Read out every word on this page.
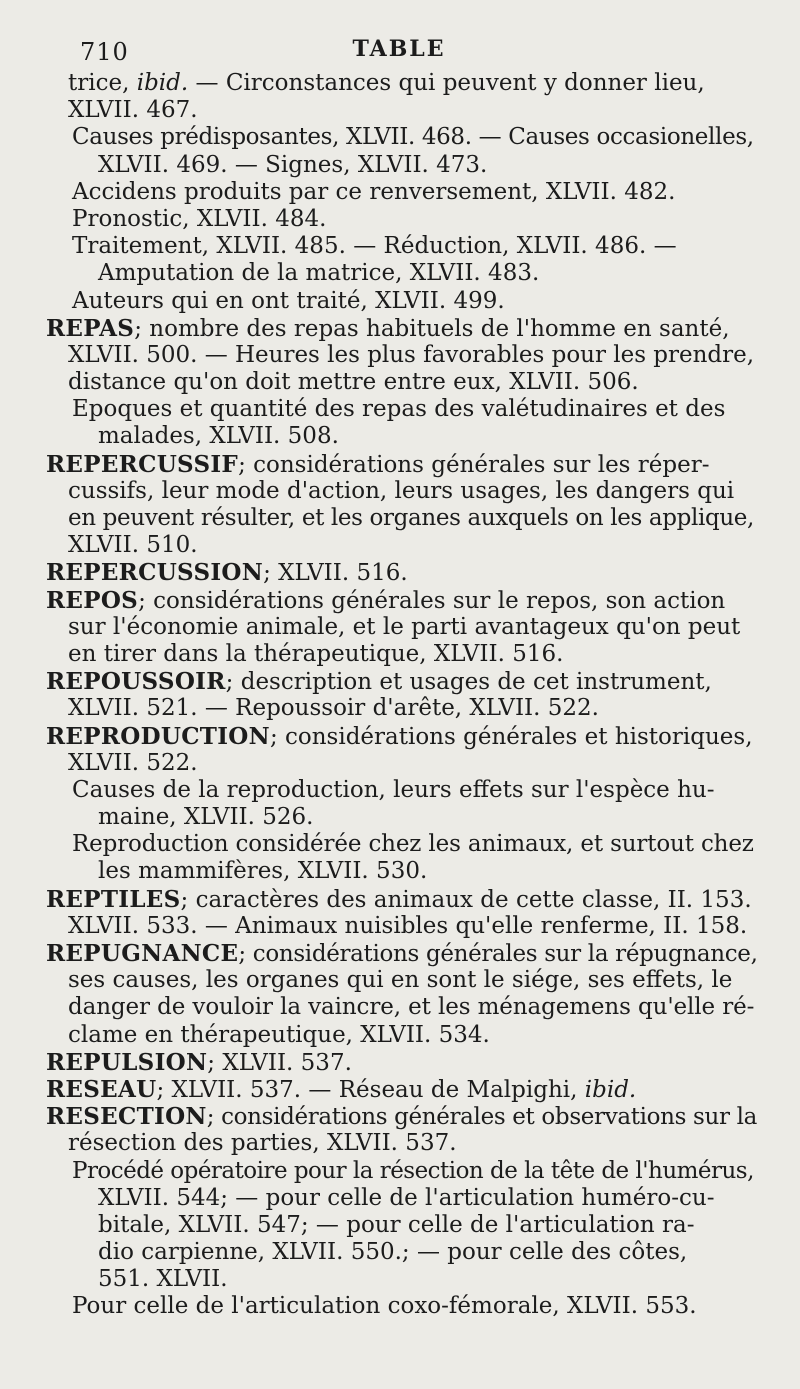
710	TABLE
trice, ibid. — Circonstances qui peuvent y donner lieu,
XLVII. 467.
Causes prédisposantes, XLVII. 468. — Causes occasionelles,
XLVII. 469. — Signes, XLVII. 473.
Accidens produits par ce renversement, XLVII. 482.
Pronostic, XLVII. 484.
Traitement, XLVII. 485. — Réduction, XLVII. 486. —
Amputation de la matrice, XLVII. 483.
Auteurs qui en ont traité, XLVII. 499.
REPAS; nombre des repas habituels de l'homme en santé,
XLVII. 500. — Heures les plus favorables pour les prendre,
distance qu'on doit mettre entre eux, XLVII. 506.
Epoques et quantité des repas des valétudinaires et des
malades, XLVII. 508.
REPERCUSSIF; considérations générales sur les réper-
cussifs, leur mode d'action, leurs usages, les dangers qui
en peuvent résulter, et les organes auxquels on les applique,
XLVII. 510.
REPERCUSSION; XLVII. 516.
REPOS; considérations générales sur le repos, son action
sur l'économie animale, et le parti avantageux qu'on peut
en tirer dans la thérapeutique, XLVII. 516.
REPOUSSOIR; description et usages de cet instrument,
XLVII. 521. — Repoussoir d'arête, XLVII. 522.
REPRODUCTION; considérations générales et historiques,
XLVII. 522.
Causes de la reproduction, leurs effets sur l'espèce hu-
maine, XLVII. 526.
Reproduction considérée chez les animaux, et surtout chez
les mammifères, XLVII. 530.
REPTILES; caractères des animaux de cette classe, II. 153.
XLVII. 533. — Animaux nuisibles qu'elle renferme, II. 158.
REPUGNANCE; considérations générales sur la répugnance,
ses causes, les organes qui en sont le siége, ses effets, le
danger de vouloir la vaincre, et les ménagemens qu'elle ré-
clame en thérapeutique, XLVII. 534.
REPULSION; XLVII. 537.
RESEAU; XLVII. 537. — Réseau de Malpighi, ibid.
RESECTION; considérations générales et observations sur la
résection des parties, XLVII. 537.
Procédé opératoire pour la résection de la tête de l'humérus,
XLVII. 544; — pour celle de l'articulation huméro-cu-
bitale, XLVII. 547; — pour celle de l'articulation ra-
dio carpienne, XLVII. 550.; — pour celle des côtes,
551. XLVII.
Pour celle de l'articulation coxo-fémorale, XLVII. 553.
